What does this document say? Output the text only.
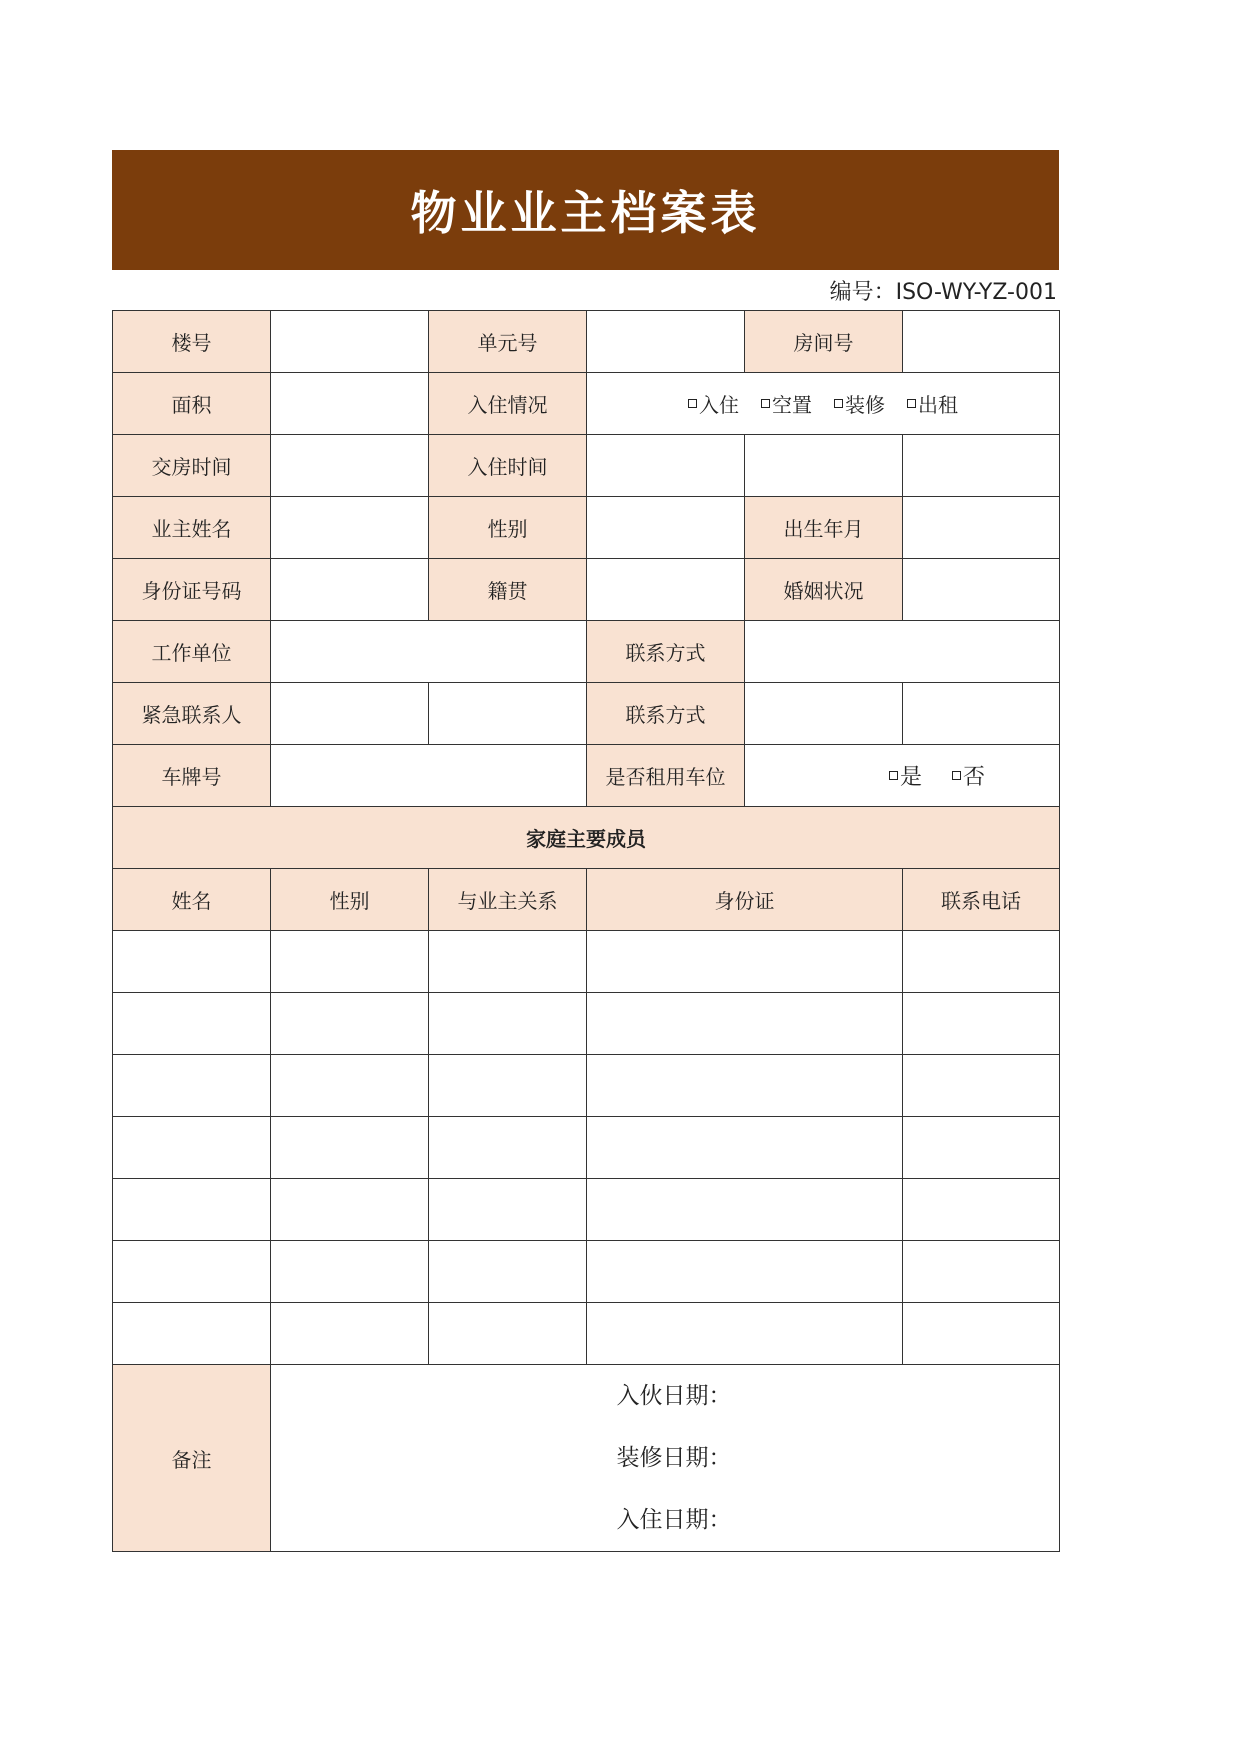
物业业主档案表
编号：ISO-WY-YZ-001
楼号		单元号		房间号	
面积		入住情况	入住 空置 装修 出租		

交房时间		入住时间			
业主姓名		性别		出生年月	
身份证号码		籍贯		婚姻状况	
工作单位			联系方式		
紧急联系人			联系方式		
车牌号			是否租用车位	是 否	

家庭主要成员					
姓名	性别	与业主关系	身份证		联系电话

备注	入伙日期：
装修日期：
入住日期：				
